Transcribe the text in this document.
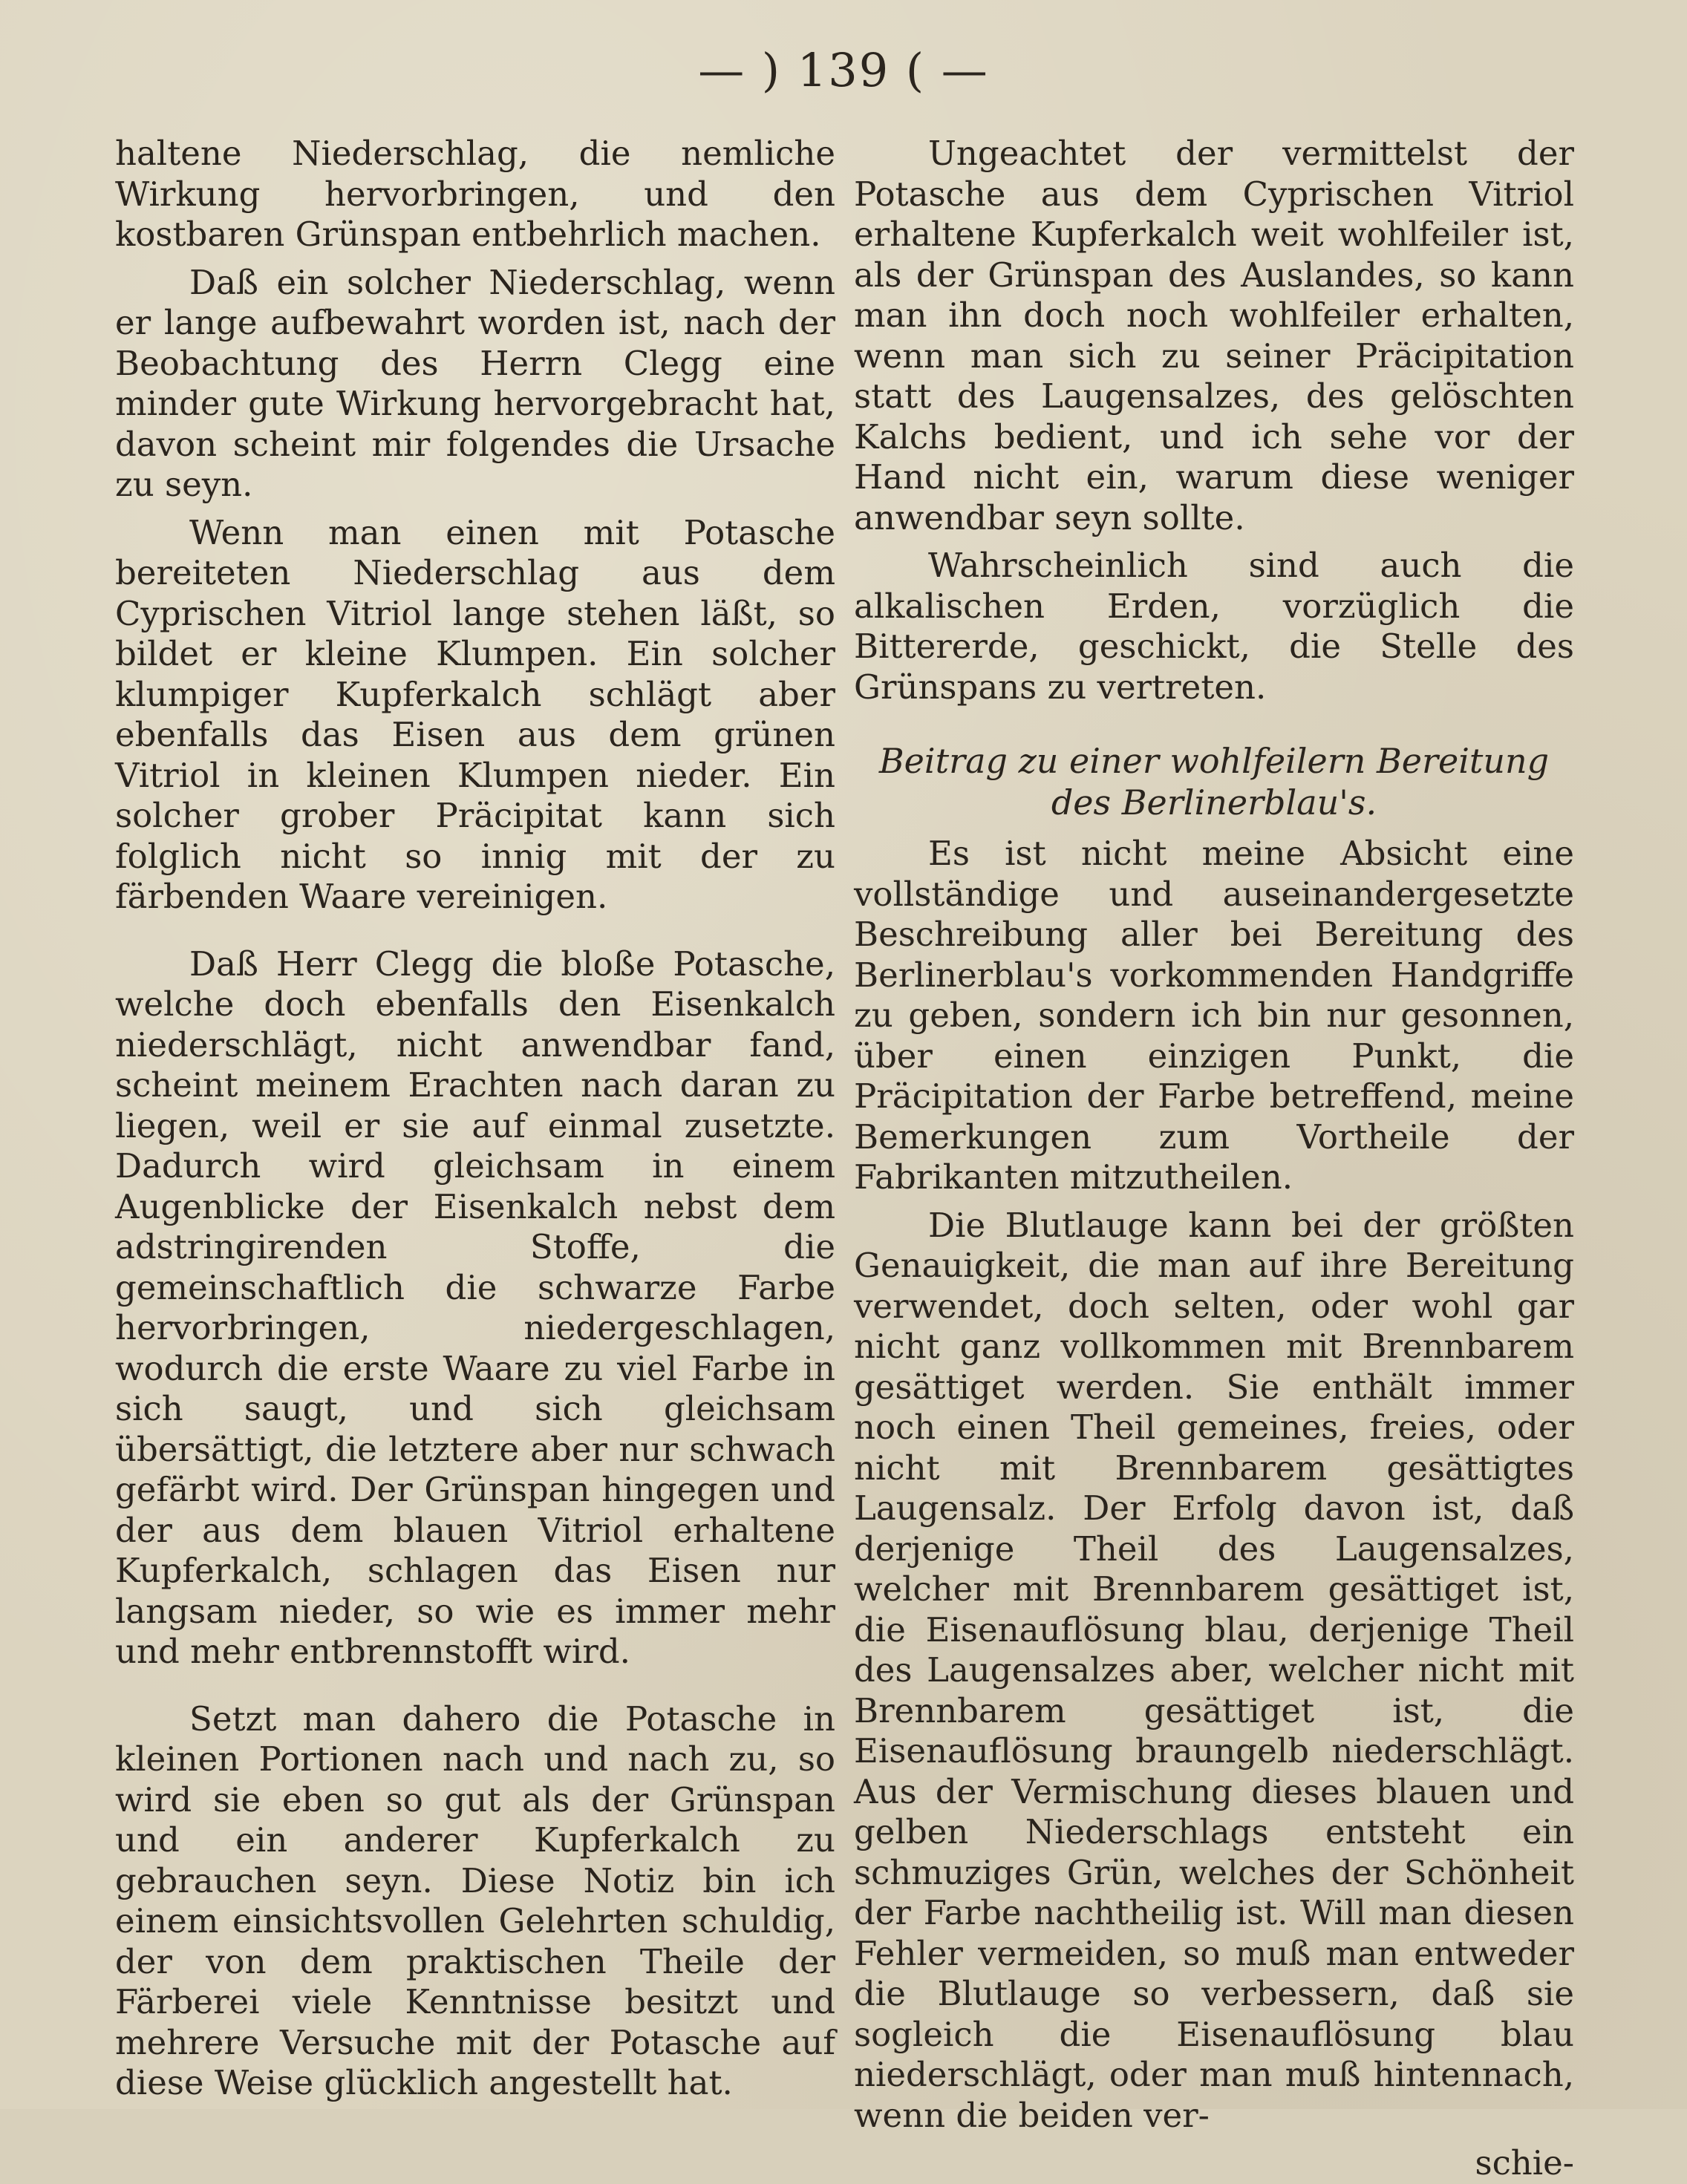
— ) 139 ( —

haltene Niederschlag, die nemliche Wirkung hervorbringen, und den kostbaren Grünspan entbehrlich machen.

Daß ein solcher Niederschlag, wenn er lange aufbewahrt worden ist, nach der Beobachtung des Herrn Clegg eine minder gute Wirkung hervorgebracht hat, davon scheint mir folgendes die Ursache zu seyn.

Wenn man einen mit Potasche bereiteten Niederschlag aus dem Cyprischen Vitriol lange stehen läßt, so bildet er kleine Klumpen. Ein solcher klumpiger Kupferkalch schlägt aber ebenfalls das Eisen aus dem grünen Vitriol in kleinen Klumpen nieder. Ein solcher grober Präcipitat kann sich folglich nicht so innig mit der zu färbenden Waare vereinigen.

Daß Herr Clegg die bloße Potasche, welche doch ebenfalls den Eisenkalch niederschlägt, nicht anwendbar fand, scheint meinem Erachten nach daran zu liegen, weil er sie auf einmal zusetzte. Dadurch wird gleichsam in einem Augenblicke der Eisenkalch nebst dem adstringirenden Stoffe, die gemeinschaftlich die schwarze Farbe hervorbringen, niedergeschlagen, wodurch die erste Waare zu viel Farbe in sich saugt, und sich gleichsam übersättigt, die letztere aber nur schwach gefärbt wird. Der Grünspan hingegen und der aus dem blauen Vitriol erhaltene Kupferkalch, schlagen das Eisen nur langsam nieder, so wie es immer mehr und mehr entbrennstofft wird.

Setzt man dahero die Potasche in kleinen Portionen nach und nach zu, so wird sie eben so gut als der Grünspan und ein anderer Kupferkalch zu gebrauchen seyn. Diese Notiz bin ich einem einsichtsvollen Gelehrten schuldig, der von dem praktischen Theile der Färberei viele Kenntnisse besitzt und mehrere Versuche mit der Potasche auf diese Weise glücklich angestellt hat.

Ungeachtet der vermittelst der Potasche aus dem Cyprischen Vitriol erhaltene Kupferkalch weit wohlfeiler ist, als der Grünspan des Auslandes, so kann man ihn doch noch wohlfeiler erhalten, wenn man sich zu seiner Präcipitation statt des Laugensalzes, des gelöschten Kalchs bedient, und ich sehe vor der Hand nicht ein, warum diese weniger anwendbar seyn sollte.

Wahrscheinlich sind auch die alkalischen Erden, vorzüglich die Bittererde, geschickt, die Stelle des Grünspans zu vertreten.

Beitrag zu einer wohlfeilern Bereitung des Berlinerblau's.

Es ist nicht meine Absicht eine vollständige und auseinandergesetzte Beschreibung aller bei Bereitung des Berlinerblau's vorkommenden Handgriffe zu geben, sondern ich bin nur gesonnen, über einen einzigen Punkt, die Präcipitation der Farbe betreffend, meine Bemerkungen zum Vortheile der Fabrikanten mitzutheilen.

Die Blutlauge kann bei der größten Genauigkeit, die man auf ihre Bereitung verwendet, doch selten, oder wohl gar nicht ganz vollkommen mit Brennbarem gesättiget werden. Sie enthält immer noch einen Theil gemeines, freies, oder nicht mit Brennbarem gesättigtes Laugensalz. Der Erfolg davon ist, daß derjenige Theil des Laugensalzes, welcher mit Brennbarem gesättiget ist, die Eisenauflösung blau, derjenige Theil des Laugensalzes aber, welcher nicht mit Brennbarem gesättiget ist, die Eisenauflösung braungelb niederschlägt. Aus der Vermischung dieses blauen und gelben Niederschlags entsteht ein schmuziges Grün, welches der Schönheit der Farbe nachtheilig ist. Will man diesen Fehler vermeiden, so muß man entweder die Blutlauge so verbessern, daß sie sogleich die Eisenauflösung blau niederschlägt, oder man muß hintennach, wenn die beiden ver-

schie-
